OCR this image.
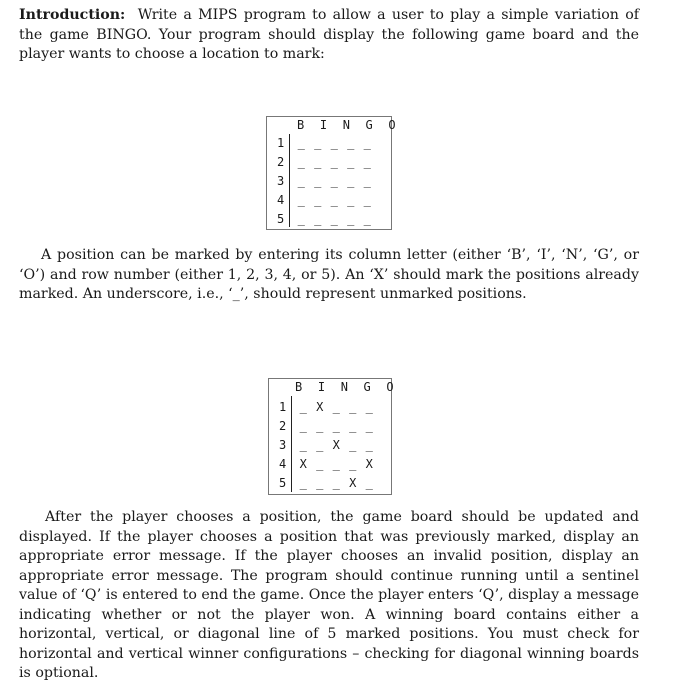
Introduction: Write a MIPS program to allow a user to play a simple variation of the game BINGO. Your program should display the following game board and the player wants to choose a location to mark:

B I N G O
1	_ _ _ _ _
2	_ _ _ _ _
3	_ _ _ _ _
4	_ _ _ _ _
5	_ _ _ _ _

A position can be marked by entering its column letter (either ‘B’, ‘I’, ‘N’, ‘G’, or ‘O’) and row number (either 1, 2, 3, 4, or 5). An ‘X’ should mark the positions already marked. An underscore, i.e., ‘_’, should represent unmarked positions.

B I N G O
1	_ X _ _ _
2	_ _ _ _ _
3	_ _ X _ _
4	X _ _ _ X
5	_ _ _ X _

After the player chooses a position, the game board should be updated and displayed. If the player chooses a position that was previously marked, display an appropriate error message. If the player chooses an invalid position, display an appropriate error message. The program should continue running until a sentinel value of ‘Q’ is entered to end the game. Once the player enters ‘Q’, display a message indicating whether or not the player won. A winning board contains either a horizontal, vertical, or diagonal line of 5 marked positions. You must check for horizontal and vertical winner configurations – checking for diagonal winning boards is optional.
